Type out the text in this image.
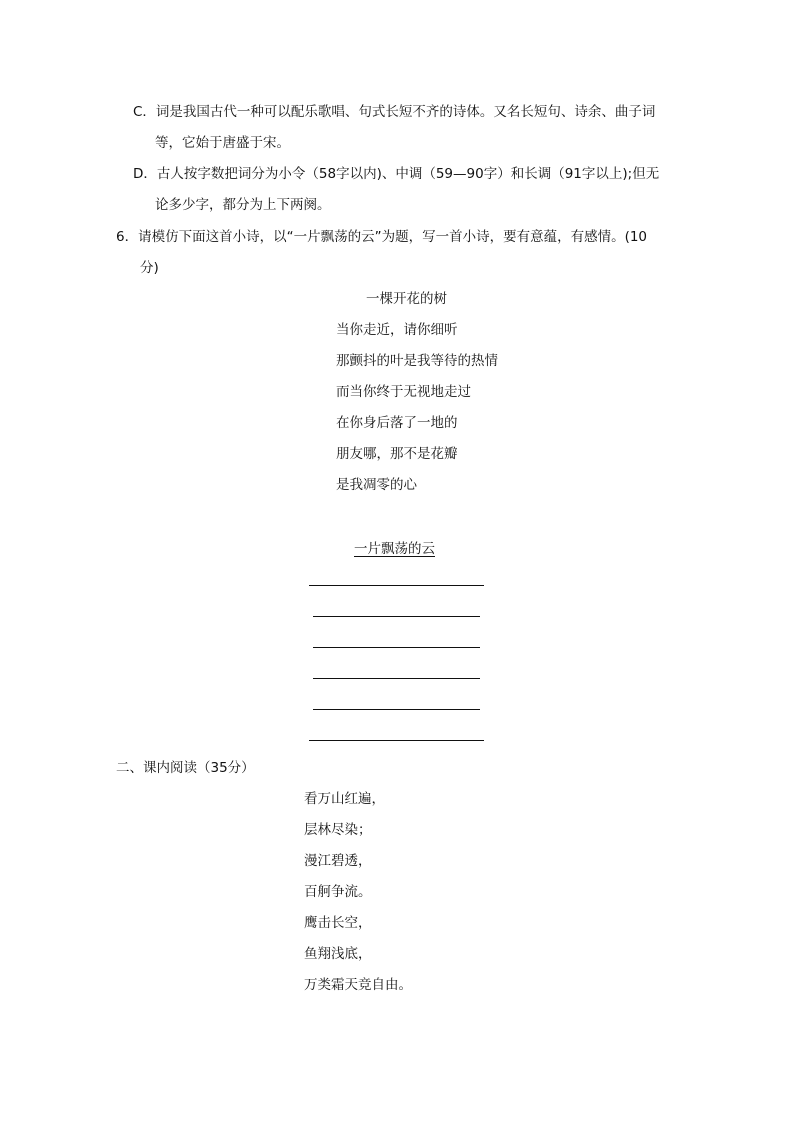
C．词是我国古代一种可以配乐歌唱、句式长短不齐的诗体。又名长短句、诗余、曲子词
等，它始于唐盛于宋。
D．古人按字数把词分为小令（58字以内)、中调（59—90字）和长调（91字以上);但无
论多少字，都分为上下两阕。
6．请模仿下面这首小诗，以“一片飘荡的云”为题，写一首小诗，要有意蕴，有感情。(10
分)
一棵开花的树
当你走近，请你细听
那颤抖的叶是我等待的热情
而当你终于无视地走过
在你身后落了一地的
朋友哪，那不是花瓣
是我凋零的心
一片飘荡的云
二、课内阅读（35分）
看万山红遍，
层林尽染；
漫江碧透，
百舸争流。
鹰击长空，
鱼翔浅底，
万类霜天竞自由。
